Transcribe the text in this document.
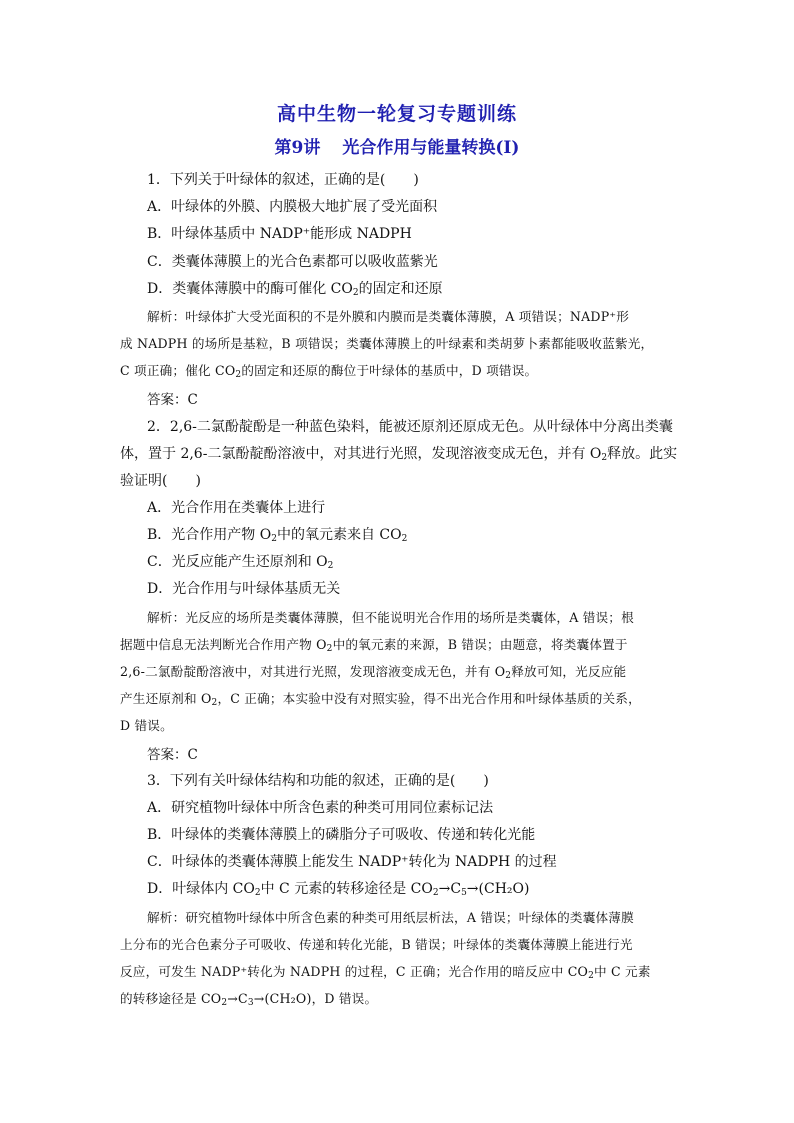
高中生物一轮复习专题训练
第9讲 光合作用与能量转换(Ⅰ)
1．下列关于叶绿体的叙述，正确的是(　　)
A．叶绿体的外膜、内膜极大地扩展了受光面积
B．叶绿体基质中 NADP⁺能形成 NADPH
C．类囊体薄膜上的光合色素都可以吸收蓝紫光
D．类囊体薄膜中的酶可催化 $CO_2$的固定和还原
解析：叶绿体扩大受光面积的不是外膜和内膜而是类囊体薄膜，A 项错误；NADP⁺形
成 NADPH 的场所是基粒，B 项错误；类囊体薄膜上的叶绿素和类胡萝卜素都能吸收蓝紫光，
C 项正确；催化 $CO_2$的固定和还原的酶位于叶绿体的基质中，D 项错误。
答案：C
2．2,6-二氯酚靛酚是一种蓝色染料，能被还原剂还原成无色。从叶绿体中分离出类囊
体，置于 2,6-二氯酚靛酚溶液中，对其进行光照，发现溶液变成无色，并有 $O_2$释放。此实
验证明(　　)
A．光合作用在类囊体上进行
B．光合作用产物 $O_2$中的氧元素来自 $CO_2$
C．光反应能产生还原剂和 $O_2$
D．光合作用与叶绿体基质无关
解析：光反应的场所是类囊体薄膜，但不能说明光合作用的场所是类囊体，A 错误；根
据题中信息无法判断光合作用产物 $O_2$中的氧元素的来源，B 错误；由题意，将类囊体置于
2,6-二氯酚靛酚溶液中，对其进行光照，发现溶液变成无色，并有 $O_2$释放可知，光反应能
产生还原剂和 $O_2$，C 正确；本实验中没有对照实验，得不出光合作用和叶绿体基质的关系，
D 错误。
答案：C
3．下列有关叶绿体结构和功能的叙述，正确的是(　　)
A．研究植物叶绿体中所含色素的种类可用同位素标记法
B．叶绿体的类囊体薄膜上的磷脂分子可吸收、传递和转化光能
C．叶绿体的类囊体薄膜上能发生 NADP⁺转化为 NADPH 的过程
D．叶绿体内 $CO_2$中 C 元素的转移途径是 $CO_2\to C_5\to(CH_2O)$
解析：研究植物叶绿体中所含色素的种类可用纸层析法，A 错误；叶绿体的类囊体薄膜
上分布的光合色素分子可吸收、传递和转化光能，B 错误；叶绿体的类囊体薄膜上能进行光
反应，可发生 NADP⁺转化为 NADPH 的过程，C 正确；光合作用的暗反应中 $CO_2$中 C 元素
的转移途径是 $CO_2\to C_3\to(CH_2O)$，D 错误。
